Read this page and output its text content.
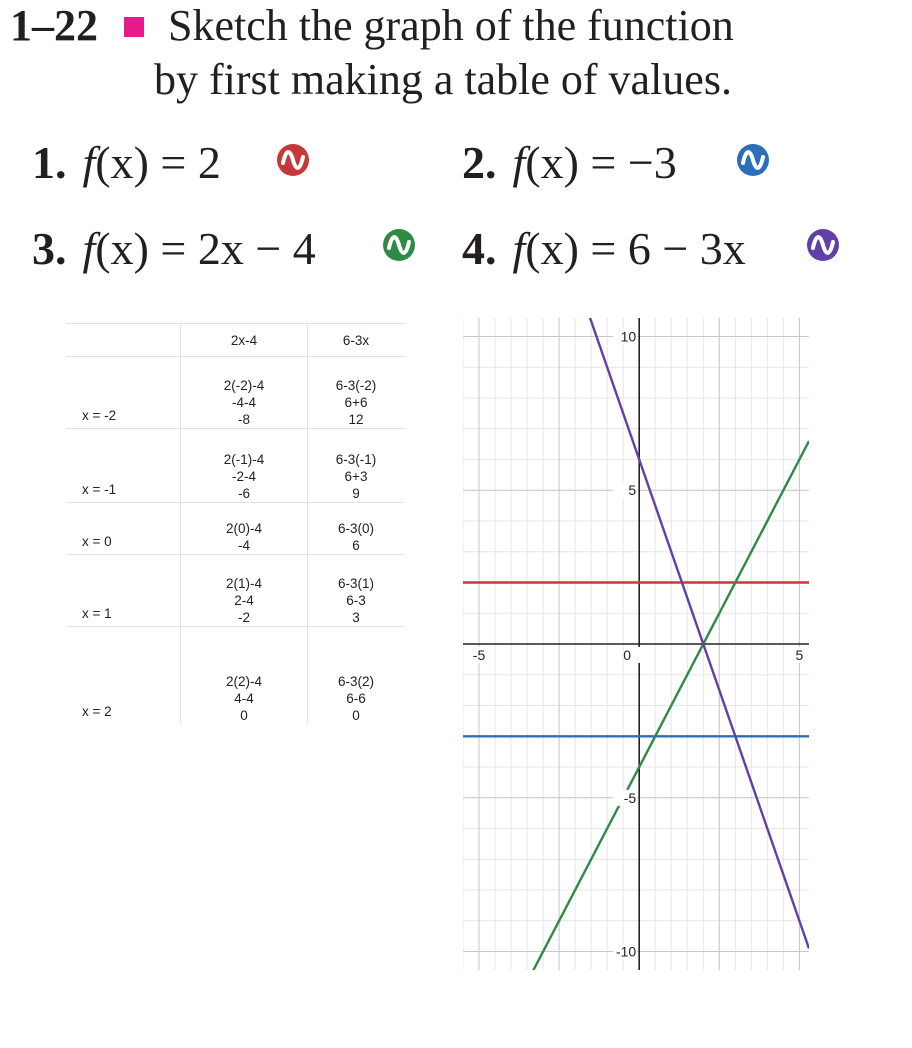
1–22 Sketch the graph of the function
by first making a table of values.
1. f(x) = 2	2. f(x) = −3
3. f(x) = 2x − 4	4. f(x) = 6 − 3x
	2x-4	6-3x
x = -2	2(-2)-4
-4-4
-8	6-3(-2)
6+6
12

x = -1	2(-1)-4
-2-4
-6	6-3(-1)
6+3
9

x = 0	2(0)-4
-4	6-3(0)
6

x = 1	2(1)-4
2-4
-2	6-3(1)
6-3
3

x = 2	2(2)-4
4-4
0	6-3(2)
6-6
0
-5	0	5
-10
-5
5
10
